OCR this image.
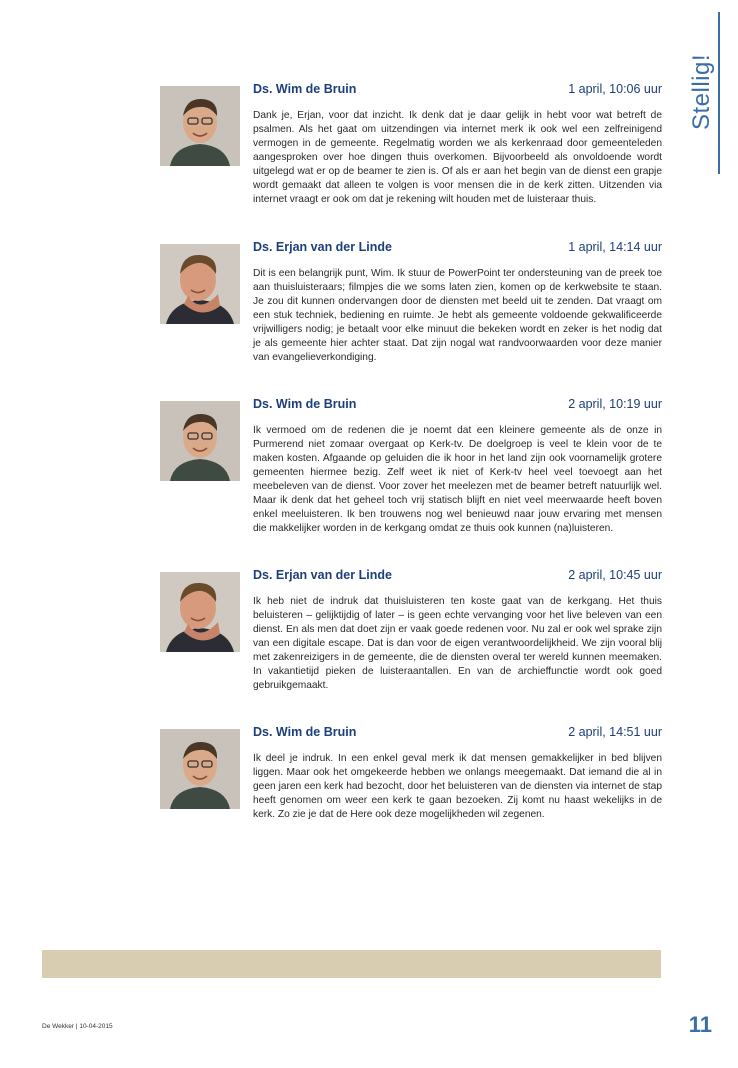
Stellig!
Ds. Wim de Bruin	1 april, 10:06 uur
Dank je, Erjan, voor dat inzicht. Ik denk dat je daar gelijk in hebt voor wat betreft de psalmen. Als het gaat om uitzendingen via internet merk ik ook wel een zelfreinigend vermogen in de gemeente. Regelmatig worden we als kerkenraad door gemeenteleden aangesproken over hoe dingen thuis overkomen. Bijvoorbeeld als onvoldoende wordt uitgelegd wat er op de beamer te zien is. Of als er aan het begin van de dienst een grapje wordt gemaakt dat alleen te volgen is voor mensen die in de kerk zitten. Uitzenden via internet vraagt er ook om dat je rekening wilt houden met de luisteraar thuis.
Ds. Erjan van der Linde	1 april, 14:14 uur
Dit is een belangrijk punt, Wim. Ik stuur de PowerPoint ter ondersteuning van de preek toe aan thuisluisteraars; filmpjes die we soms laten zien, komen op de kerkwebsite te staan. Je zou dit kunnen ondervangen door de diensten met beeld uit te zenden. Dat vraagt om een stuk techniek, bediening en ruimte. Je hebt als gemeente voldoende gekwalificeerde vrijwilligers nodig; je betaalt voor elke minuut die bekeken wordt en zeker is het nodig dat je als gemeente hier achter staat. Dat zijn nogal wat randvoorwaarden voor deze manier van evangelieverkondiging.
Ds. Wim de Bruin	2 april, 10:19 uur
Ik vermoed om de redenen die je noemt dat een kleinere gemeente als de onze in Purmerend niet zomaar overgaat op Kerk-tv. De doelgroep is veel te klein voor de te maken kosten. Afgaande op geluiden die ik hoor in het land zijn ook voornamelijk grotere gemeenten hiermee bezig. Zelf weet ik niet of Kerk-tv heel veel toevoegt aan het meebeleven van de dienst. Voor zover het meelezen met de beamer betreft natuurlijk wel. Maar ik denk dat het geheel toch vrij statisch blijft en niet veel meerwaarde heeft boven enkel meeluisteren. Ik ben trouwens nog wel benieuwd naar jouw ervaring met mensen die makkelijker worden in de kerkgang omdat ze thuis ook kunnen (na)luisteren.
Ds. Erjan van der Linde	2 april, 10:45 uur
Ik heb niet de indruk dat thuisluisteren ten koste gaat van de kerkgang. Het thuis beluisteren – gelijktijdig of later – is geen echte vervanging voor het live beleven van een dienst. En als men dat doet zijn er vaak goede redenen voor. Nu zal er ook wel sprake zijn van een digitale escape. Dat is dan voor de eigen verantwoordelijkheid. We zijn vooral blij met zakenreizigers in de gemeente, die de diensten overal ter wereld kunnen meemaken. In vakantietijd pieken de luisteraantallen. En van de archieffunctie wordt ook goed gebruikgemaakt.
Ds. Wim de Bruin	2 april, 14:51 uur
Ik deel je indruk. In een enkel geval merk ik dat mensen gemakkelijker in bed blijven liggen. Maar ook het omgekeerde hebben we onlangs meegemaakt. Dat iemand die al in geen jaren een kerk had bezocht, door het beluisteren van de diensten via internet de stap heeft genomen om weer een kerk te gaan bezoeken. Zij komt nu haast wekelijks in de kerk. Zo zie je dat de Here ook deze mogelijkheden wil zegenen.
De Wekker | 10-04-2015	11
